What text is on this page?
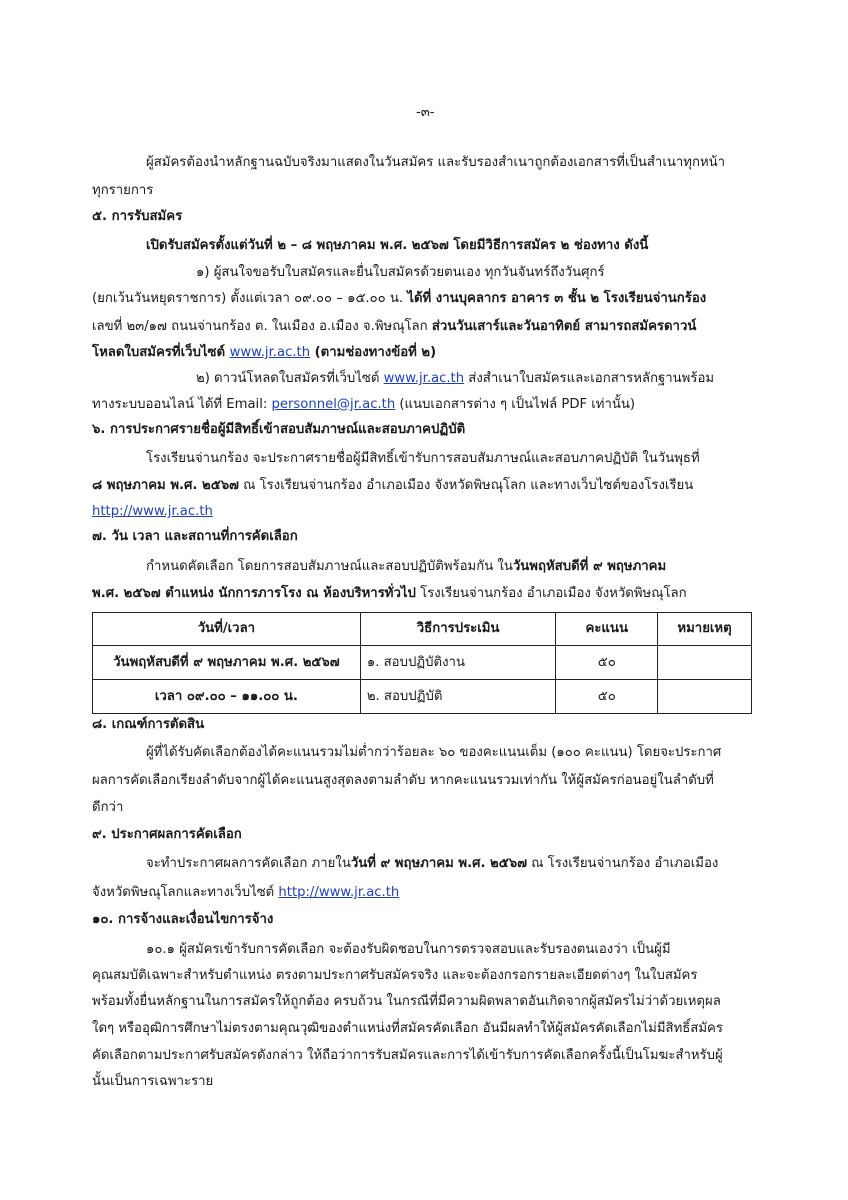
-๓-
ผู้สมัครต้องนำหลักฐานฉบับจริงมาแสดงในวันสมัคร และรับรองสำเนาถูกต้องเอกสารที่เป็นสำเนาทุกหน้า
ทุกรายการ
๕. การรับสมัคร
เปิดรับสมัครตั้งแต่วันที่ ๒ – ๘ พฤษภาคม พ.ศ. ๒๕๖๗ โดยมีวิธีการสมัคร ๒ ช่องทาง ดังนี้
๑) ผู้สนใจขอรับใบสมัครและยื่นใบสมัครด้วยตนเอง ทุกวันจันทร์ถึงวันศุกร์
(ยกเว้นวันหยุดราชการ) ตั้งแต่เวลา ๐๙.๐๐ – ๑๕.๐๐ น. ได้ที่ งานบุคลากร อาคาร ๓ ชั้น ๒ โรงเรียนจ่านกร้อง
เลขที่ ๒๓/๑๗ ถนนจ่านกร้อง ต. ในเมือง อ.เมือง จ.พิษณุโลก ส่วนวันเสาร์และวันอาทิตย์ สามารถสมัครดาวน์
โหลดใบสมัครที่เว็บไซต์ www.jr.ac.th (ตามช่องทางข้อที่ ๒)
๒) ดาวน์โหลดใบสมัครที่เว็บไซต์ www.jr.ac.th ส่งสำเนาใบสมัครและเอกสารหลักฐานพร้อม
ทางระบบออนไลน์ ได้ที่ Email: personnel@jr.ac.th (แนบเอกสารต่าง ๆ เป็นไฟล์ PDF เท่านั้น)
๖. การประกาศรายชื่อผู้มีสิทธิ์เข้าสอบสัมภาษณ์และสอบภาคปฏิบัติ
โรงเรียนจ่านกร้อง จะประกาศรายชื่อผู้มีสิทธิ์เข้ารับการสอบสัมภาษณ์และสอบภาคปฏิบัติ ในวันพุธที่
๘ พฤษภาคม พ.ศ. ๒๕๖๗ ณ โรงเรียนจ่านกร้อง อำเภอเมือง จังหวัดพิษณุโลก และทางเว็บไซต์ของโรงเรียน
http://www.jr.ac.th
๗. วัน เวลา และสถานที่การคัดเลือก
กำหนดคัดเลือก โดยการสอบสัมภาษณ์และสอบปฏิบัติพร้อมกัน ในวันพฤหัสบดีที่ ๙ พฤษภาคม
พ.ศ. ๒๕๖๗ ตำแหน่ง นักการภารโรง ณ ห้องบริหารทั่วไป โรงเรียนจ่านกร้อง อำเภอเมือง จังหวัดพิษณุโลก
วันที่/เวลา	วิธีการประเมิน	คะแนน	หมายเหตุ
วันพฤหัสบดีที่ ๙ พฤษภาคม พ.ศ. ๒๕๖๗	๑. สอบปฏิบัติงาน	๕๐	
เวลา ๐๙.๐๐ – ๑๑.๐๐ น.	๒. สอบปฏิบัติ	๕๐	
๘. เกณฑ์การตัดสิน
ผู้ที่ได้รับคัดเลือกต้องได้คะแนนรวมไม่ต่ำกว่าร้อยละ ๖๐ ของคะแนนเต็ม (๑๐๐ คะแนน) โดยจะประกาศ
ผลการคัดเลือกเรียงลำดับจากผู้ได้คะแนนสูงสุดลงตามลำดับ หากคะแนนรวมเท่ากัน ให้ผู้สมัครก่อนอยู่ในลำดับที่
ดีกว่า
๙. ประกาศผลการคัดเลือก
จะทำประกาศผลการคัดเลือก ภายในวันที่ ๙ พฤษภาคม พ.ศ. ๒๕๖๗ ณ โรงเรียนจ่านกร้อง อำเภอเมือง
จังหวัดพิษณุโลกและทางเว็บไซต์ http://www.jr.ac.th
๑๐. การจ้างและเงื่อนไขการจ้าง
๑๐.๑ ผู้สมัครเข้ารับการคัดเลือก จะต้องรับผิดชอบในการตรวจสอบและรับรองตนเองว่า เป็นผู้มี
คุณสมบัติเฉพาะสำหรับตำแหน่ง ตรงตามประกาศรับสมัครจริง และจะต้องกรอกรายละเอียดต่างๆ ในใบสมัคร
พร้อมทั้งยื่นหลักฐานในการสมัครให้ถูกต้อง ครบถ้วน ในกรณีที่มีความผิดพลาดอันเกิดจากผู้สมัครไม่ว่าด้วยเหตุผล
ใดๆ หรืออุฒิการศึกษาไม่ตรงตามคุณวุฒิของตำแหน่งที่สมัครคัดเลือก อันมีผลทำให้ผู้สมัครคัดเลือกไม่มีสิทธิ์สมัคร
คัดเลือกตามประกาศรับสมัครดังกล่าว ให้ถือว่าการรับสมัครและการได้เข้ารับการคัดเลือกครั้งนี้เป็นโมฆะสำหรับผู้
นั้นเป็นการเฉพาะราย
